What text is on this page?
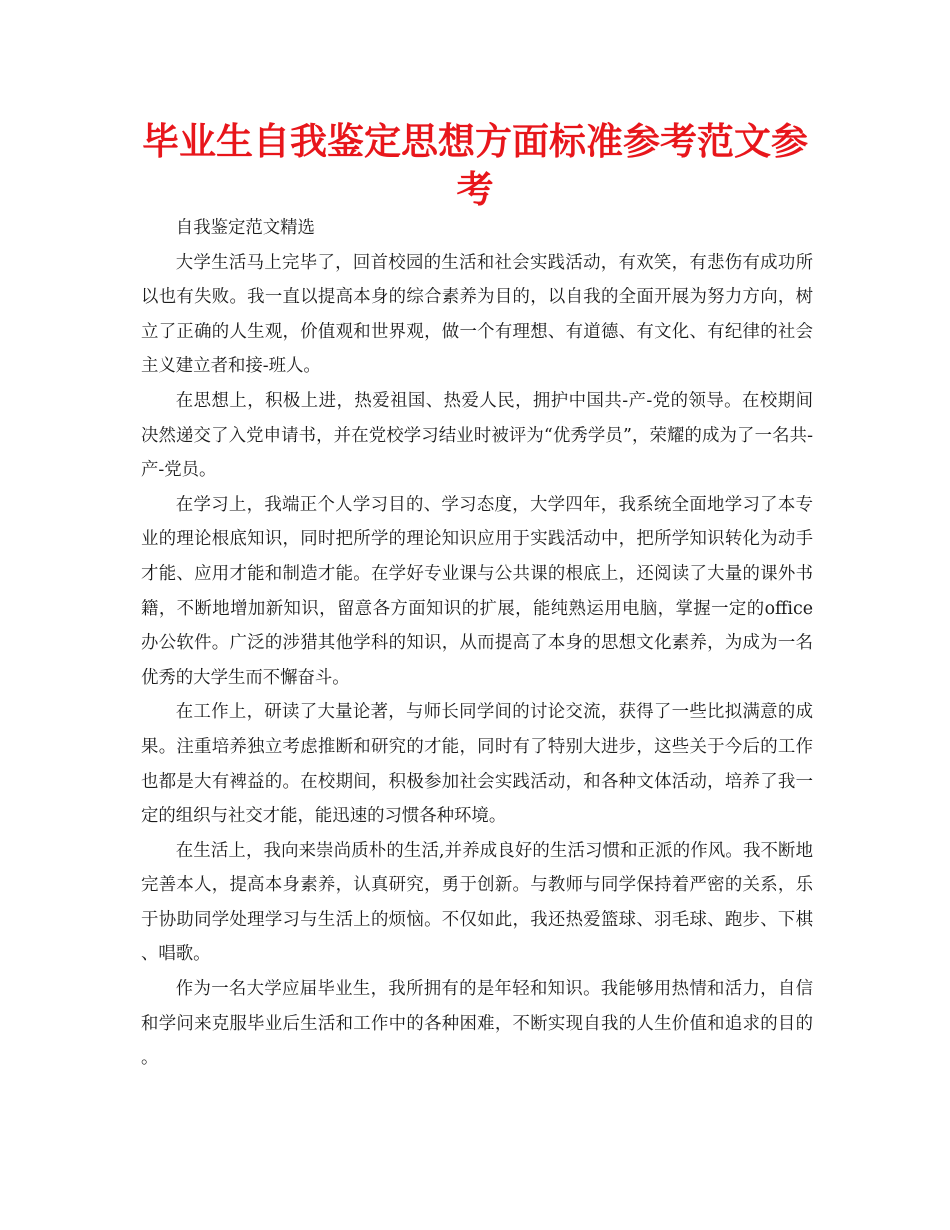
毕业生自我鉴定思想方面标准参考范文参考

自我鉴定范文精选

大学生活马上完毕了，回首校园的生活和社会实践活动，有欢笑，有悲伤有成功所以也有失败。我一直以提高本身的综合素养为目的，以自我的全面开展为努力方向，树立了正确的人生观，价值观和世界观，做一个有理想、有道德、有文化、有纪律的社会主义建立者和接-班人。

在思想上，积极上进，热爱祖国、热爱人民，拥护中国共-产-党的领导。在校期间决然递交了入党申请书，并在党校学习结业时被评为“优秀学员”，荣耀的成为了一名共-产-党员。

在学习上，我端正个人学习目的、学习态度，大学四年，我系统全面地学习了本专业的理论根底知识，同时把所学的理论知识应用于实践活动中，把所学知识转化为动手才能、应用才能和制造才能。在学好专业课与公共课的根底上，还阅读了大量的课外书籍，不断地增加新知识，留意各方面知识的扩展，能纯熟运用电脑，掌握一定的office办公软件。广泛的涉猎其他学科的知识，从而提高了本身的思想文化素养，为成为一名优秀的大学生而不懈奋斗。

在工作上，研读了大量论著，与师长同学间的讨论交流，获得了一些比拟满意的成果。注重培养独立考虑推断和研究的才能，同时有了特别大进步，这些关于今后的工作也都是大有裨益的。在校期间，积极参加社会实践活动，和各种文体活动，培养了我一定的组织与社交才能，能迅速的习惯各种环境。

在生活上，我向来崇尚质朴的生活,并养成良好的生活习惯和正派的作风。我不断地完善本人，提高本身素养，认真研究，勇于创新。与教师与同学保持着严密的关系，乐于协助同学处理学习与生活上的烦恼。不仅如此，我还热爱篮球、羽毛球、跑步、下棋、唱歌。

作为一名大学应届毕业生，我所拥有的是年轻和知识。我能够用热情和活力，自信和学问来克服毕业后生活和工作中的各种困难，不断实现自我的人生价值和追求的目的。
